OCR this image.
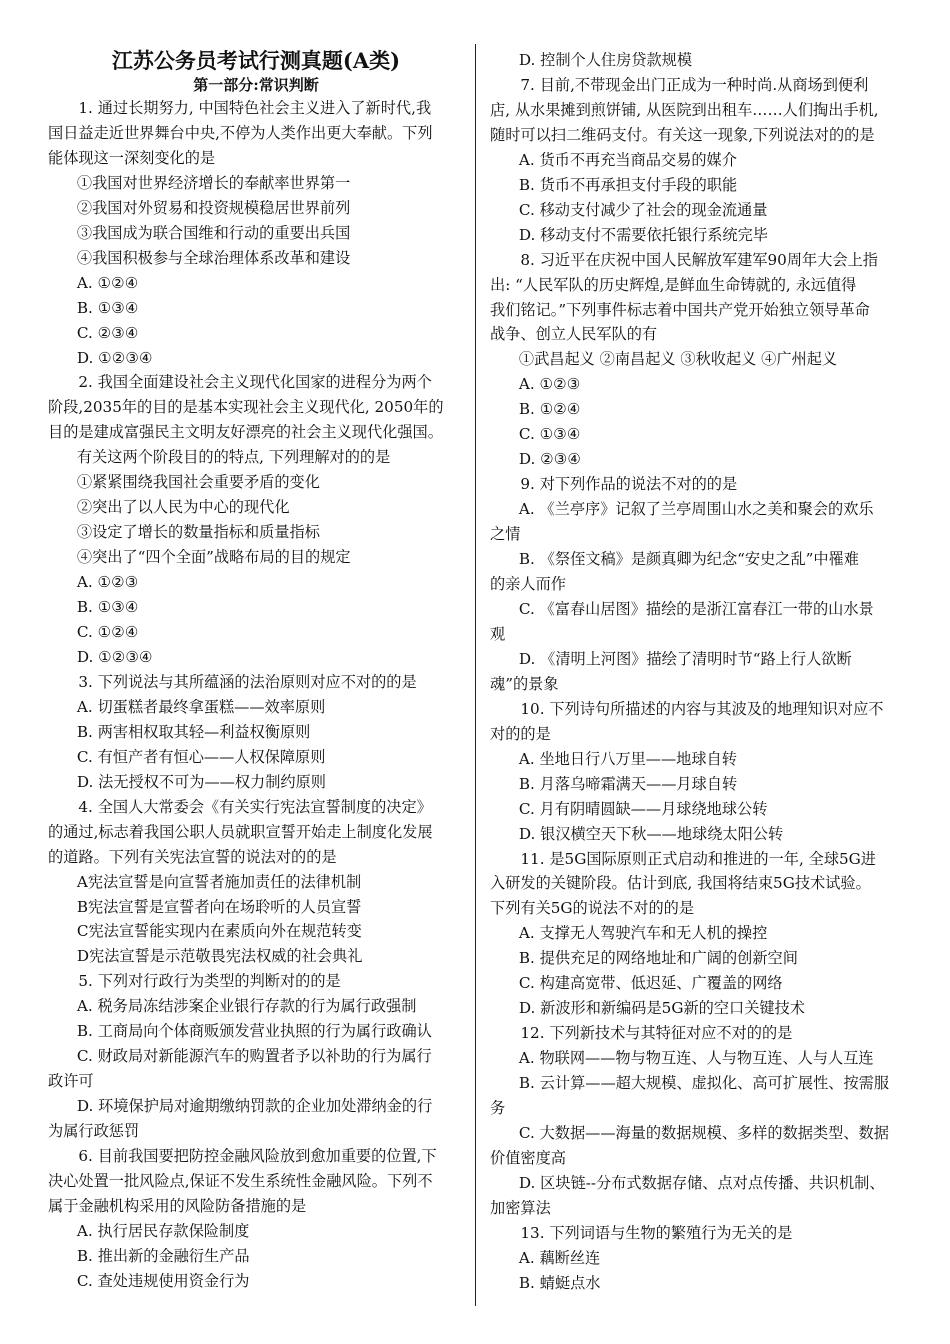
江苏公务员考试行测真题(A类)
第一部分:常识判断
1. 通过长期努力, 中国特色社会主义进入了新时代,我
国日益走近世界舞台中央,不停为人类作出更大奉献。下列
能体现这一深刻变化的是
①我国对世界经济增长的奉献率世界第一
②我国对外贸易和投资规模稳居世界前列
③我国成为联合国维和行动的重要出兵国
④我国积极参与全球治理体系改革和建设
A. ①②④
B. ①③④
C. ②③④
D. ①②③④
2. 我国全面建设社会主义现代化国家的进程分为两个
阶段,2035年的目的是基本实现社会主义现代化, 2050年的
目的是建成富强民主文明友好漂亮的社会主义现代化强国。
有关这两个阶段目的的特点, 下列理解对的的是
①紧紧围绕我国社会重要矛盾的变化
②突出了以人民为中心的现代化
③设定了增长的数量指标和质量指标
④突出了“四个全面”战略布局的目的规定
A. ①②③
B. ①③④
C. ①②④
D. ①②③④
3. 下列说法与其所蕴涵的法治原则对应不对的的是
A. 切蛋糕者最终拿蛋糕——效率原则
B. 两害相权取其轻—利益权衡原则
C. 有恒产者有恒心——人权保障原则
D. 法无授权不可为——权力制约原则
4. 全国人大常委会《有关实行宪法宣誓制度的决定》
的通过,标志着我国公职人员就职宣誓开始走上制度化发展
的道路。下列有关宪法宣誓的说法对的的是
A宪法宣誓是向宣誓者施加责任的法律机制
B宪法宣誓是宣誓者向在场聆听的人员宣誓
C宪法宣誓能实现内在素质向外在规范转变
D宪法宣誓是示范敬畏宪法权威的社会典礼
5. 下列对行政行为类型的判断对的的是
A. 税务局冻结涉案企业银行存款的行为属行政强制
B. 工商局向个体商贩颁发营业执照的行为属行政确认
C. 财政局对新能源汽车的购置者予以补助的行为属行
政许可
D. 环境保护局对逾期缴纳罚款的企业加处滞纳金的行
为属行政惩罚
6. 目前我国要把防控金融风险放到愈加重要的位置,下
决心处置一批风险点,保证不发生系统性金融风险。下列不
属于金融机构采用的风险防备措施的是
A. 执行居民存款保险制度
B. 推出新的金融衍生产品
C. 查处违规使用资金行为
D. 控制个人住房贷款规模
7. 目前,不带现金出门正成为一种时尚.从商场到便利
店, 从水果摊到煎饼铺, 从医院到出租车……人们掏出手机,
随时可以扫二维码支付。有关这一现象,下列说法对的的是
A. 货币不再充当商品交易的媒介
B. 货币不再承担支付手段的职能
C. 移动支付减少了社会的现金流通量
D. 移动支付不需要依托银行系统完毕
8. 习近平在庆祝中国人民解放军建军90周年大会上指
出: “人民军队的历史辉煌,是鲜血生命铸就的, 永远值得
我们铭记。”下列事件标志着中国共产党开始独立领导革命
战争、创立人民军队的有
①武昌起义 ②南昌起义 ③秋收起义 ④广州起义
A. ①②③
B. ①②④
C. ①③④
D. ②③④
9. 对下列作品的说法不对的的是
A. 《兰亭序》记叙了兰亭周围山水之美和聚会的欢乐
之情
B. 《祭侄文稿》是颜真卿为纪念“安史之乱”中罹难
的亲人而作
C. 《富春山居图》描绘的是浙江富春江一带的山水景
观
D. 《清明上河图》描绘了清明时节“路上行人欲断
魂”的景象
10. 下列诗句所描述的内容与其波及的地理知识对应不
对的的是
A. 坐地日行八万里——地球自转
B. 月落乌啼霜满天——月球自转
C. 月有阴晴圆缺——月球绕地球公转
D. 银汉横空天下秋——地球绕太阳公转
11. 是5G国际原则正式启动和推进的一年, 全球5G进
入研发的关键阶段。估计到底, 我国将结束5G技术试验。
下列有关5G的说法不对的的是
A. 支撑无人驾驶汽车和无人机的操控
B. 提供充足的网络地址和广阔的创新空间
C. 构建高宽带、低迟延、广覆盖的网络
D. 新波形和新编码是5G新的空口关键技术
12. 下列新技术与其特征对应不对的的是
A. 物联网——物与物互连、人与物互连、人与人互连
B. 云计算——超大规模、虚拟化、高可扩展性、按需服
务
C. 大数据——海量的数据规模、多样的数据类型、数据
价值密度高
D. 区块链--分布式数据存储、点对点传播、共识机制、
加密算法
13. 下列词语与生物的繁殖行为无关的是
A. 藕断丝连
B. 蜻蜓点水
